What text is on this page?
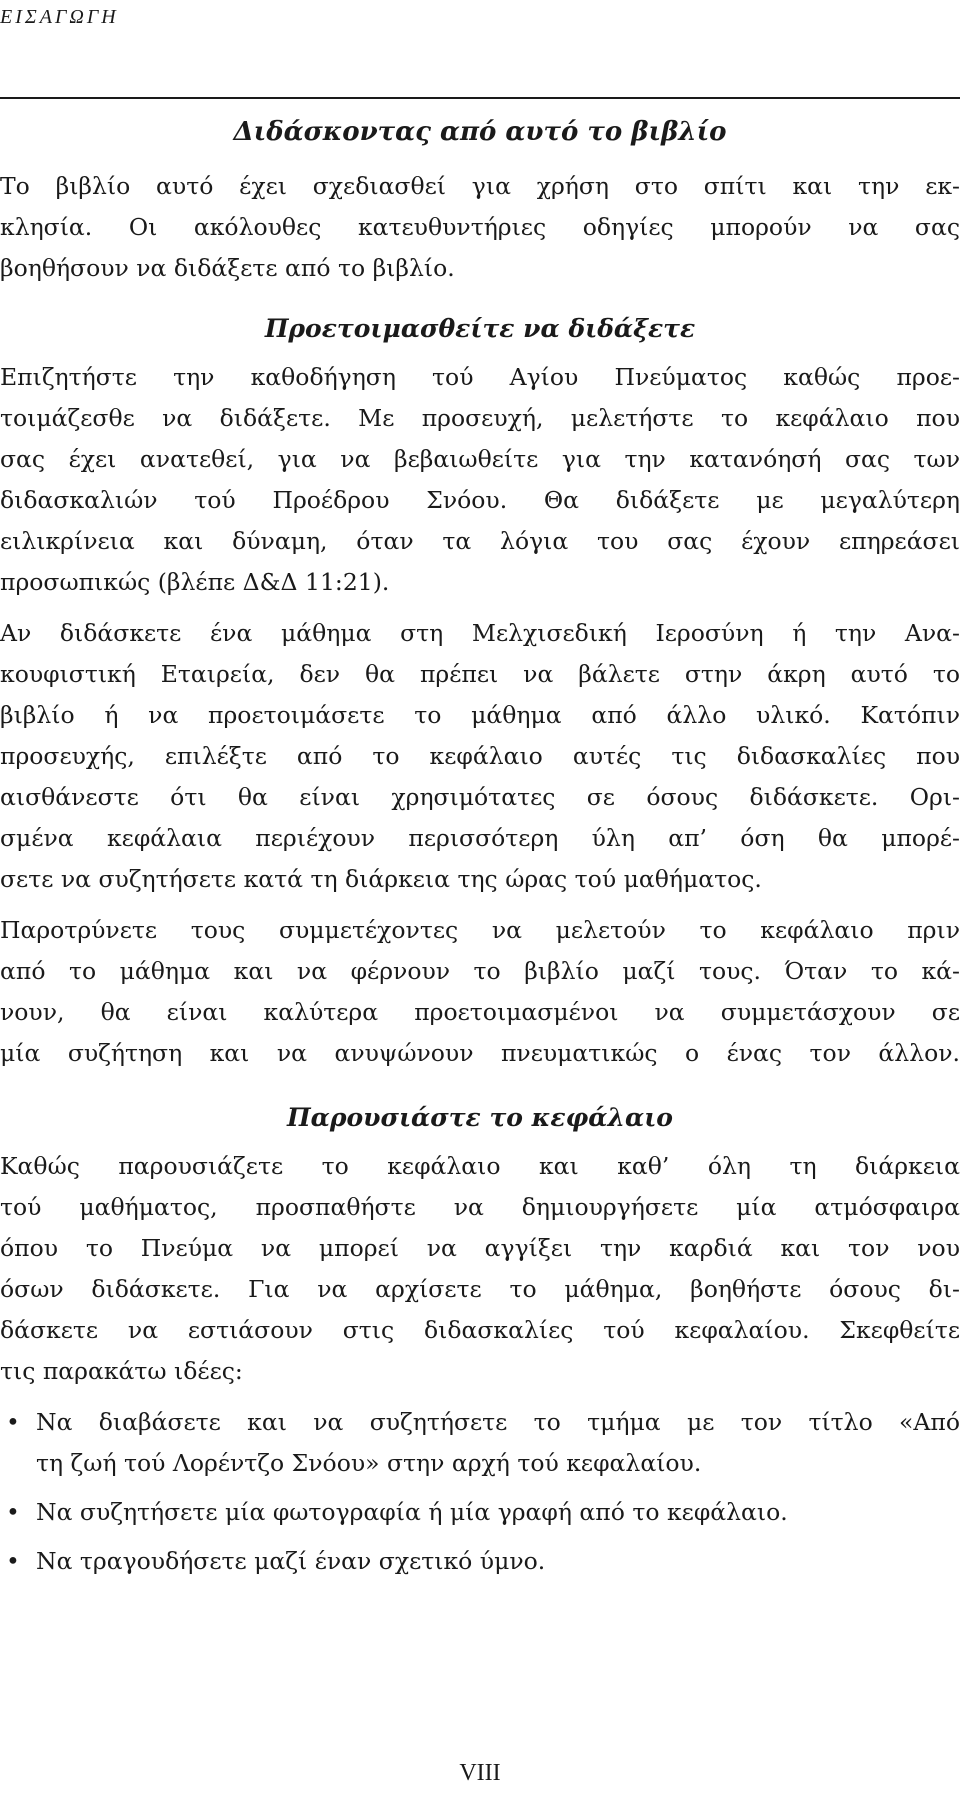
ΕΙΣΑΓΩΓΗ
Διδάσκοντας από αυτό το βιβλίο
Το βιβλίο αυτό έχει σχεδιασθεί για χρήση στο σπίτι και την εκ-
κλησία. Οι ακόλουθες κατευθυντήριες οδηγίες μπορούν να σας
βοηθήσουν να διδάξετε από το βιβλίο.
Προετοιμασθείτε να διδάξετε
Επιζητήστε την καθοδήγηση τού Αγίου Πνεύματος καθώς προε-
τοιμάζεσθε να διδάξετε. Με προσευχή, μελετήστε το κεφάλαιο που
σας έχει ανατεθεί, για να βεβαιωθείτε για την κατανόησή σας των
διδασκαλιών τού Προέδρου Σνόου. Θα διδάξετε με μεγαλύτερη
ειλικρίνεια και δύναμη, όταν τα λόγια του σας έχουν επηρεάσει
προσωπικώς (βλέπε Δ&Δ 11:21).
Αν διδάσκετε ένα μάθημα στη Μελχισεδική Ιεροσύνη ή την Ανα-
κουφιστική Εταιρεία, δεν θα πρέπει να βάλετε στην άκρη αυτό το
βιβλίο ή να προετοιμάσετε το μάθημα από άλλο υλικό. Κατόπιν
προσευχής, επιλέξτε από το κεφάλαιο αυτές τις διδασκαλίες που
αισθάνεστε ότι θα είναι χρησιμότατες σε όσους διδάσκετε. Ορι-
σμένα κεφάλαια περιέχουν περισσότερη ύλη απ’ όση θα μπορέ-
σετε να συζητήσετε κατά τη διάρκεια της ώρας τού μαθήματος.
Παροτρύνετε τους συμμετέχοντες να μελετούν το κεφάλαιο πριν
από το μάθημα και να φέρνουν το βιβλίο μαζί τους. Όταν το κά-
νουν, θα είναι καλύτερα προετοιμασμένοι να συμμετάσχουν σε
μία συζήτηση και να ανυψώνουν πνευματικώς ο ένας τον άλλον.
Παρουσιάστε το κεφάλαιο
Καθώς παρουσιάζετε το κεφάλαιο και καθ’ όλη τη διάρκεια
τού μαθήματος, προσπαθήστε να δημιουργήσετε μία ατμόσφαιρα
όπου το Πνεύμα να μπορεί να αγγίξει την καρδιά και τον νου
όσων διδάσκετε. Για να αρχίσετε το μάθημα, βοηθήστε όσους δι-
δάσκετε να εστιάσουν στις διδασκαλίες τού κεφαλαίου. Σκεφθείτε
τις παρακάτω ιδέες:
• Να διαβάσετε και να συζητήσετε το τμήμα με τον τίτλο «Από
τη ζωή τού Λορέντζο Σνόου» στην αρχή τού κεφαλαίου.
• Να συζητήσετε μία φωτογραφία ή μία γραφή από το κεφάλαιο.
• Να τραγουδήσετε μαζί έναν σχετικό ύμνο.
VIII
